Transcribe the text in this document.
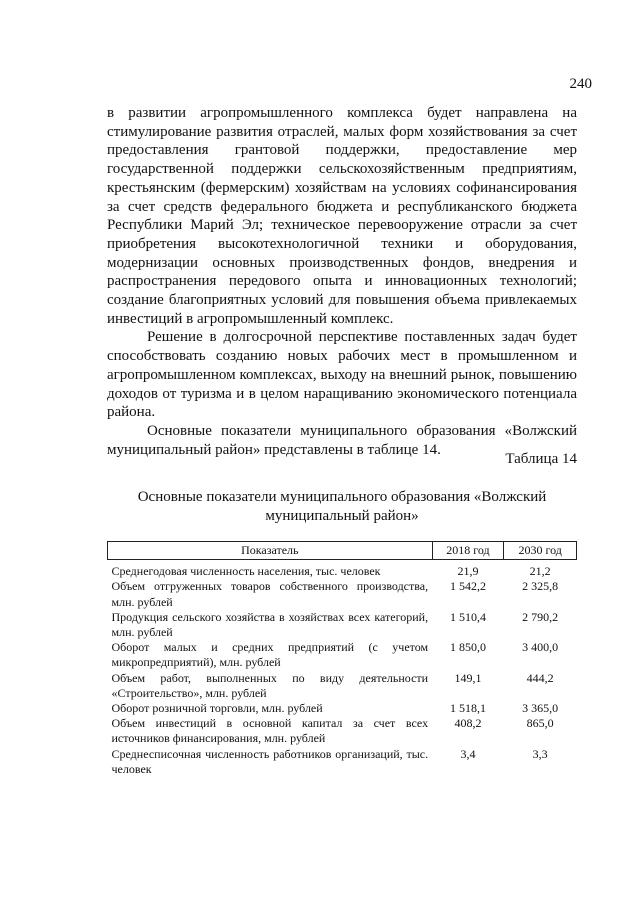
240

в развитии агропромышленного комплекса будет направлена на стимулирование развития отраслей, малых форм хозяйствования за счет предоставления грантовой поддержки, предоставление мер государственной поддержки сельскохозяйственным предприятиям, крестьянским (фермерским) хозяйствам на условиях софинансирования за счет средств федерального бюджета и республиканского бюджета Республики Марий Эл; техническое перевооружение отрасли за счет приобретения высокотехнологичной техники и оборудования, модернизации основных производственных фондов, внедрения и распространения передового опыта и инновационных технологий; создание благоприятных условий для повышения объема привлекаемых инвестиций в агропромышленный комплекс.

Решение в долгосрочной перспективе поставленных задач будет способствовать созданию новых рабочих мест в промышленном и агропромышленном комплексах, выходу на внешний рынок, повышению доходов от туризма и в целом наращиванию экономического потенциала района.

Основные показатели муниципального образования «Волжский муниципальный район» представлены в таблице 14.

Таблица 14
Основные показатели муниципального образования «Волжский муниципальный район»
Показатель	2018 год	2030 год
Среднегодовая численность населения, тыс. человек	21,9	21,2
Объем отгруженных товаров собственного производства, млн. рублей	1 542,2	2 325,8
Продукция сельского хозяйства в хозяйствах всех категорий, млн. рублей	1 510,4	2 790,2
Оборот малых и средних предприятий (с учетом микропредприятий), млн. рублей	1 850,0	3 400,0
Объем работ, выполненных по виду деятельности «Строительство», млн. рублей	149,1	444,2
Оборот розничной торговли, млн. рублей	1 518,1	3 365,0
Объем инвестиций в основной капитал за счет всех источников финансирования, млн. рублей	408,2	865,0
Среднесписочная численность работников организаций, тыс. человек	3,4	3,3
